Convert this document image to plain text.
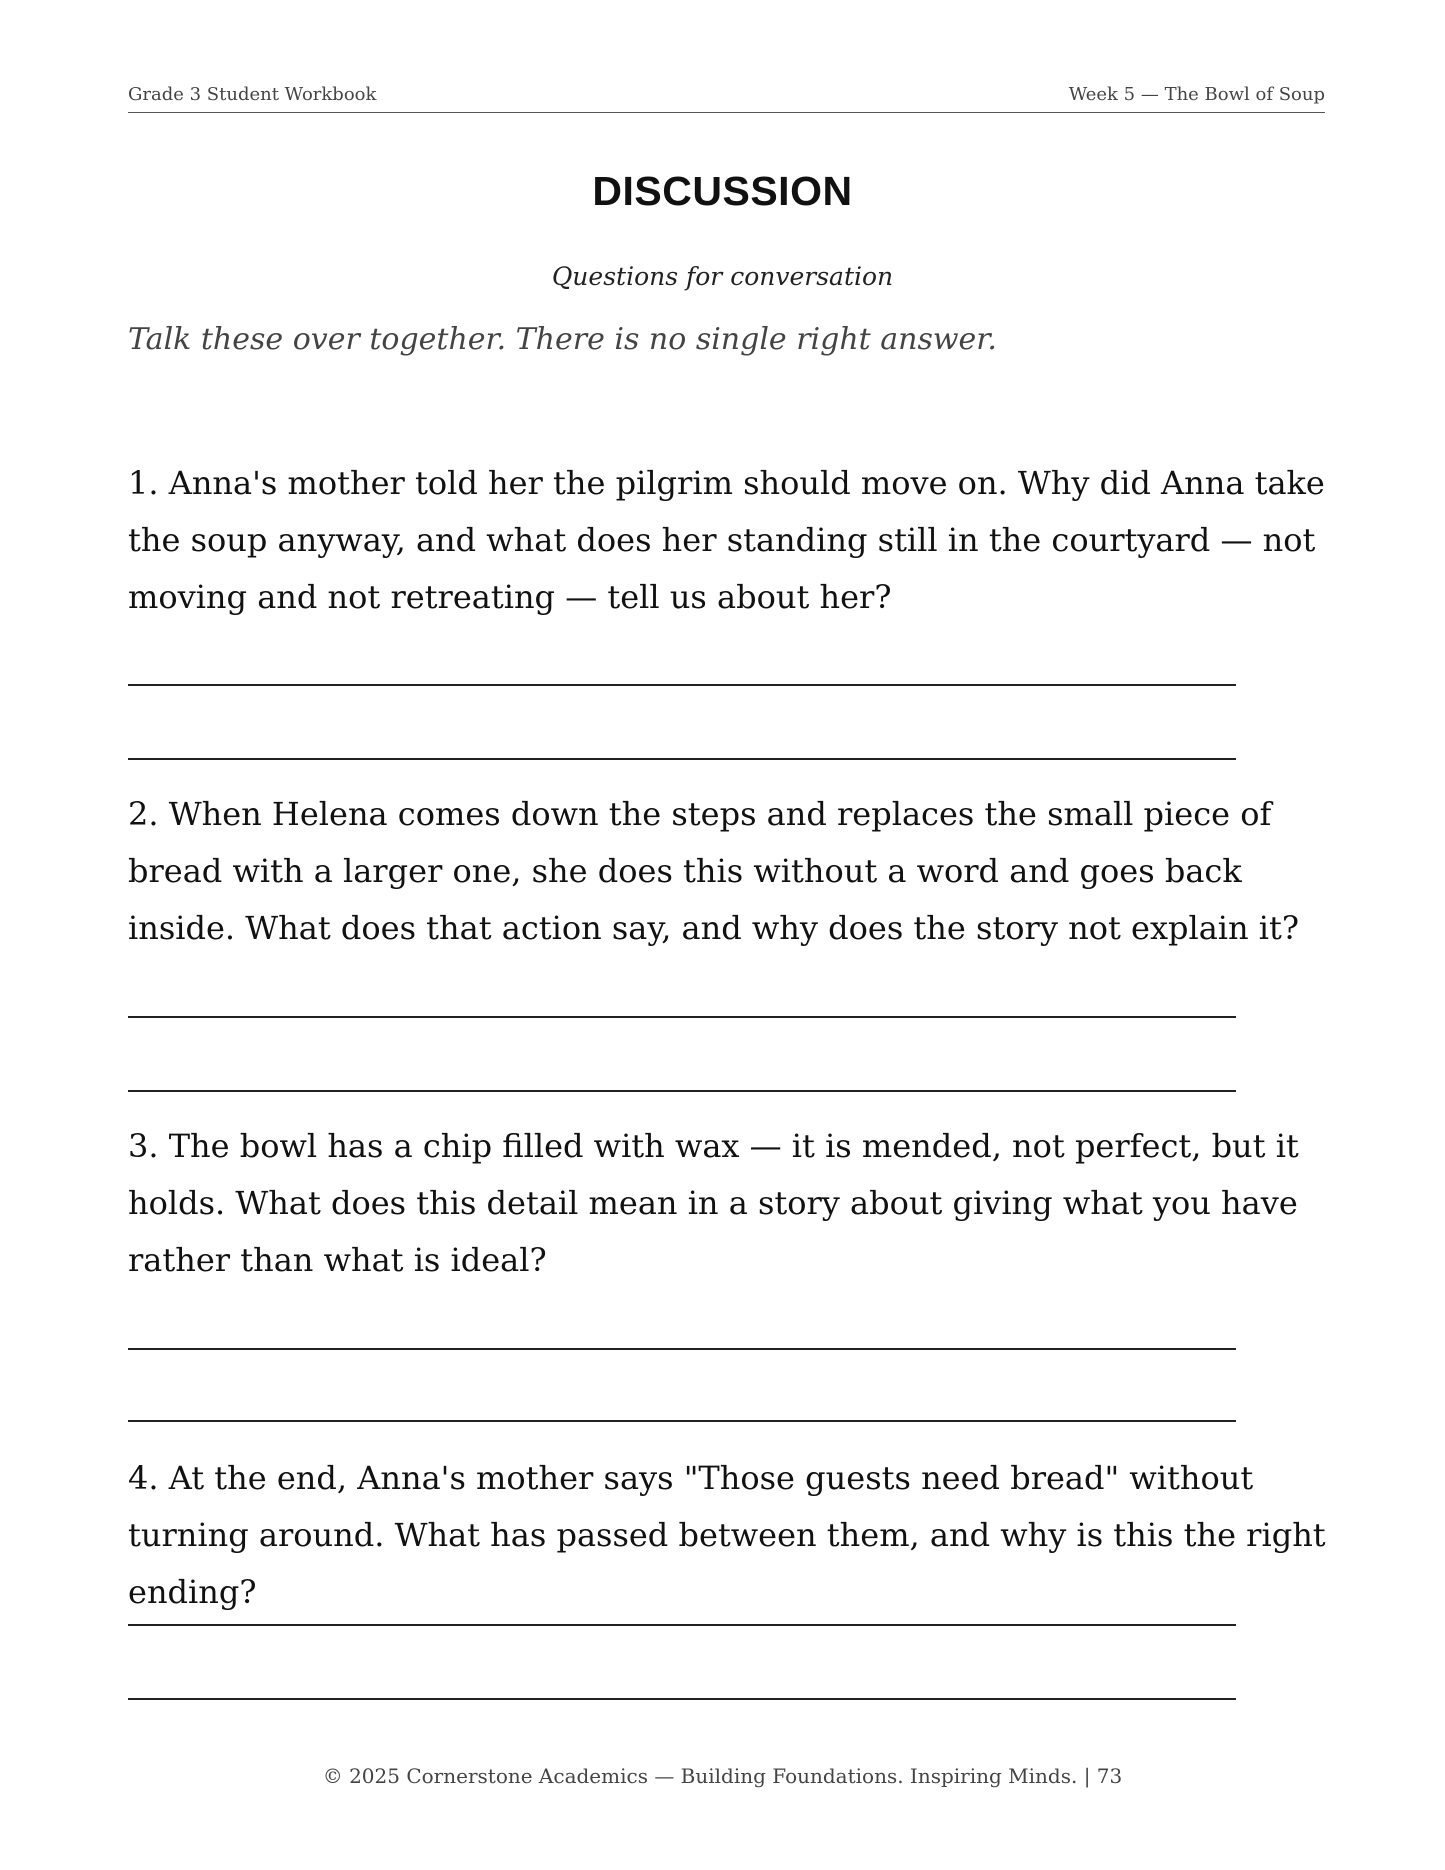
Grade 3 Student Workbook	Week 5 — The Bowl of Soup
DISCUSSION
Questions for conversation
Talk these over together. There is no single right answer.
1. Anna's mother told her the pilgrim should move on. Why did Anna take the soup anyway, and what does her standing still in the courtyard — not moving and not retreating — tell us about her?
2. When Helena comes down the steps and replaces the small piece of bread with a larger one, she does this without a word and goes back inside. What does that action say, and why does the story not explain it?
3. The bowl has a chip filled with wax — it is mended, not perfect, but it holds. What does this detail mean in a story about giving what you have rather than what is ideal?
4. At the end, Anna's mother says "Those guests need bread" without turning around. What has passed between them, and why is this the right ending?
© 2025 Cornerstone Academics — Building Foundations. Inspiring Minds. | 73
